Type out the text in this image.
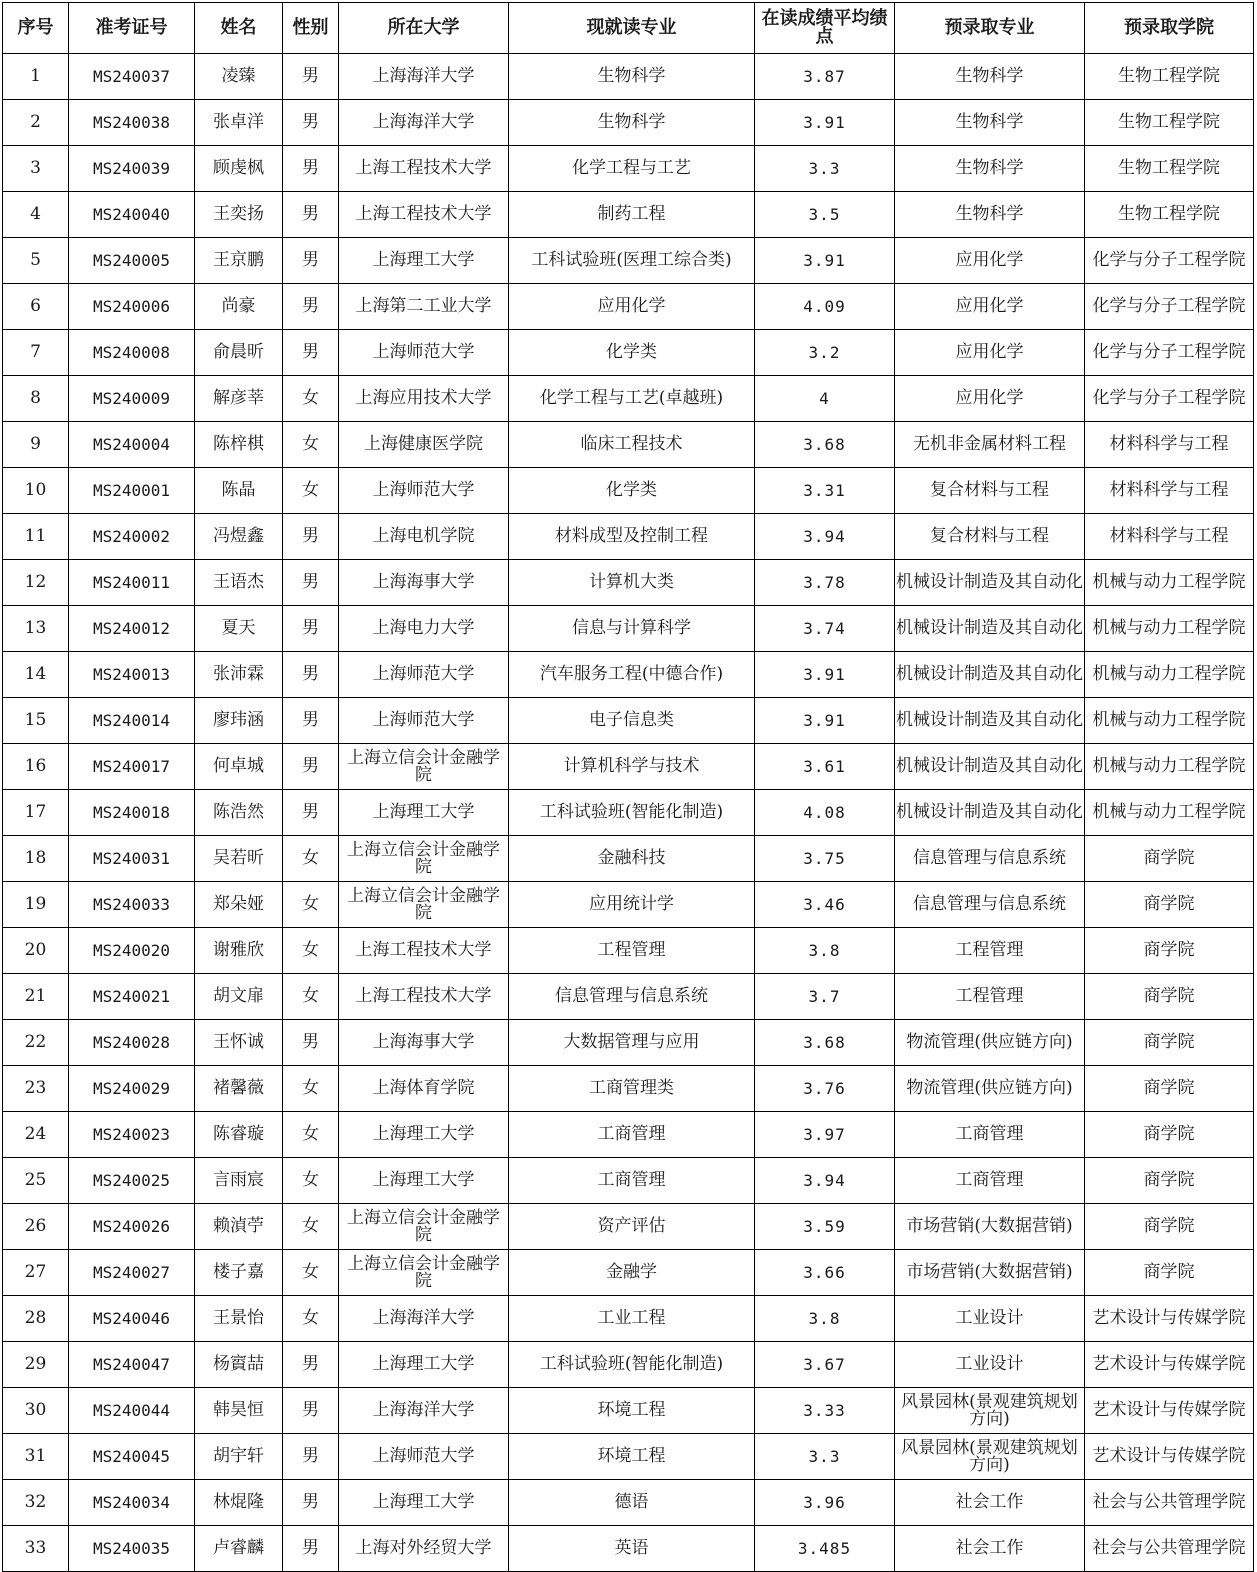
序号	准考证号	姓名	性别	所在大学	现就读专业	在读成绩平均绩点	预录取专业	预录取学院
1	MS240037	凌臻	男	上海海洋大学	生物科学	3.87	生物科学	生物工程学院
2	MS240038	张卓洋	男	上海海洋大学	生物科学	3.91	生物科学	生物工程学院
3	MS240039	顾虔枫	男	上海工程技术大学	化学工程与工艺	3.3	生物科学	生物工程学院
4	MS240040	王奕扬	男	上海工程技术大学	制药工程	3.5	生物科学	生物工程学院
5	MS240005	王京鹏	男	上海理工大学	工科试验班(医理工综合类)	3.91	应用化学	化学与分子工程学院
6	MS240006	尚豪	男	上海第二工业大学	应用化学	4.09	应用化学	化学与分子工程学院
7	MS240008	俞晨昕	男	上海师范大学	化学类	3.2	应用化学	化学与分子工程学院
8	MS240009	解彦莘	女	上海应用技术大学	化学工程与工艺(卓越班)	4	应用化学	化学与分子工程学院
9	MS240004	陈梓棋	女	上海健康医学院	临床工程技术	3.68	无机非金属材料工程	材料科学与工程
10	MS240001	陈晶	女	上海师范大学	化学类	3.31	复合材料与工程	材料科学与工程
11	MS240002	冯煜鑫	男	上海电机学院	材料成型及控制工程	3.94	复合材料与工程	材料科学与工程
12	MS240011	王语杰	男	上海海事大学	计算机大类	3.78	机械设计制造及其自动化	机械与动力工程学院
13	MS240012	夏天	男	上海电力大学	信息与计算科学	3.74	机械设计制造及其自动化	机械与动力工程学院
14	MS240013	张沛霖	男	上海师范大学	汽车服务工程(中德合作)	3.91	机械设计制造及其自动化	机械与动力工程学院
15	MS240014	廖玮涵	男	上海师范大学	电子信息类	3.91	机械设计制造及其自动化	机械与动力工程学院
16	MS240017	何卓城	男	上海立信会计金融学院	计算机科学与技术	3.61	机械设计制造及其自动化	机械与动力工程学院
17	MS240018	陈浩然	男	上海理工大学	工科试验班(智能化制造)	4.08	机械设计制造及其自动化	机械与动力工程学院
18	MS240031	吴若昕	女	上海立信会计金融学院	金融科技	3.75	信息管理与信息系统	商学院
19	MS240033	郑朵娅	女	上海立信会计金融学院	应用统计学	3.46	信息管理与信息系统	商学院
20	MS240020	谢雅欣	女	上海工程技术大学	工程管理	3.8	工程管理	商学院
21	MS240021	胡文扉	女	上海工程技术大学	信息管理与信息系统	3.7	工程管理	商学院
22	MS240028	王怀诚	男	上海海事大学	大数据管理与应用	3.68	物流管理(供应链方向)	商学院
23	MS240029	褚馨薇	女	上海体育学院	工商管理类	3.76	物流管理(供应链方向)	商学院
24	MS240023	陈睿璇	女	上海理工大学	工商管理	3.97	工商管理	商学院
25	MS240025	言雨宸	女	上海理工大学	工商管理	3.94	工商管理	商学院
26	MS240026	赖湞苧	女	上海立信会计金融学院	资产评估	3.59	市场营销(大数据营销)	商学院
27	MS240027	楼子嘉	女	上海立信会计金融学院	金融学	3.66	市场营销(大数据营销)	商学院
28	MS240046	王景怡	女	上海海洋大学	工业工程	3.8	工业设计	艺术设计与传媒学院
29	MS240047	杨賨喆	男	上海理工大学	工科试验班(智能化制造)	3.67	工业设计	艺术设计与传媒学院
30	MS240044	韩昊恒	男	上海海洋大学	环境工程	3.33	风景园林(景观建筑规划方向)	艺术设计与传媒学院
31	MS240045	胡宇轩	男	上海师范大学	环境工程	3.3	风景园林(景观建筑规划方向)	艺术设计与传媒学院
32	MS240034	林焜隆	男	上海理工大学	德语	3.96	社会工作	社会与公共管理学院
33	MS240035	卢睿麟	男	上海对外经贸大学	英语	3.485	社会工作	社会与公共管理学院
